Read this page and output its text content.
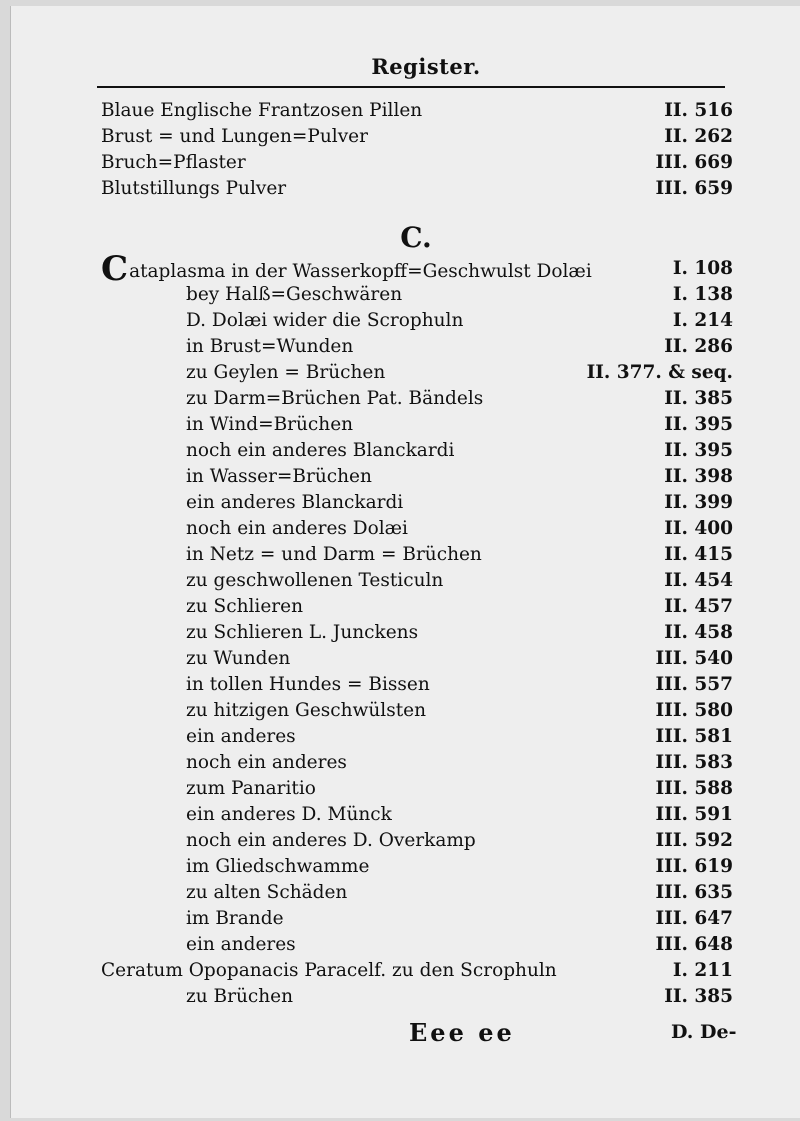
Register.
Blaue Englische Frantzosen Pillen	II. 516
Brust = und Lungen=Pulver	II. 262
Bruch=Pflaster	III. 669
Blutstillungs Pulver	III. 659
C.
Cataplasma in der Wasserkopff=Geschwulst Dolæi	I. 108
bey Halß=Geschwären	I. 138
D. Dolæi wider die Scrophuln	I. 214
in Brust=Wunden	II. 286
zu Geylen = Brüchen	II. 377. & seq.
zu Darm=Brüchen Pat. Bändels	II. 385
in Wind=Brüchen	II. 395
noch ein anderes Blanckardi	II. 395
in Wasser=Brüchen	II. 398
ein anderes Blanckardi	II. 399
noch ein anderes Dolæi	II. 400
in Netz = und Darm = Brüchen	II. 415
zu geschwollenen Testiculn	II. 454
zu Schlieren	II. 457
zu Schlieren L. Junckens	II. 458
zu Wunden	III. 540
in tollen Hundes = Bissen	III. 557
zu hitzigen Geschwülsten	III. 580
ein anderes	III. 581
noch ein anderes	III. 583
zum Panaritio	III. 588
ein anderes D. Münck	III. 591
noch ein anderes D. Overkamp	III. 592
im Gliedschwamme	III. 619
zu alten Schäden	III. 635
im Brande	III. 647
ein anderes	III. 648
Ceratum Opopanacis Paracelf. zu den Scrophuln	I. 211
zu Brüchen	II. 385
Eee ee	D. De-
